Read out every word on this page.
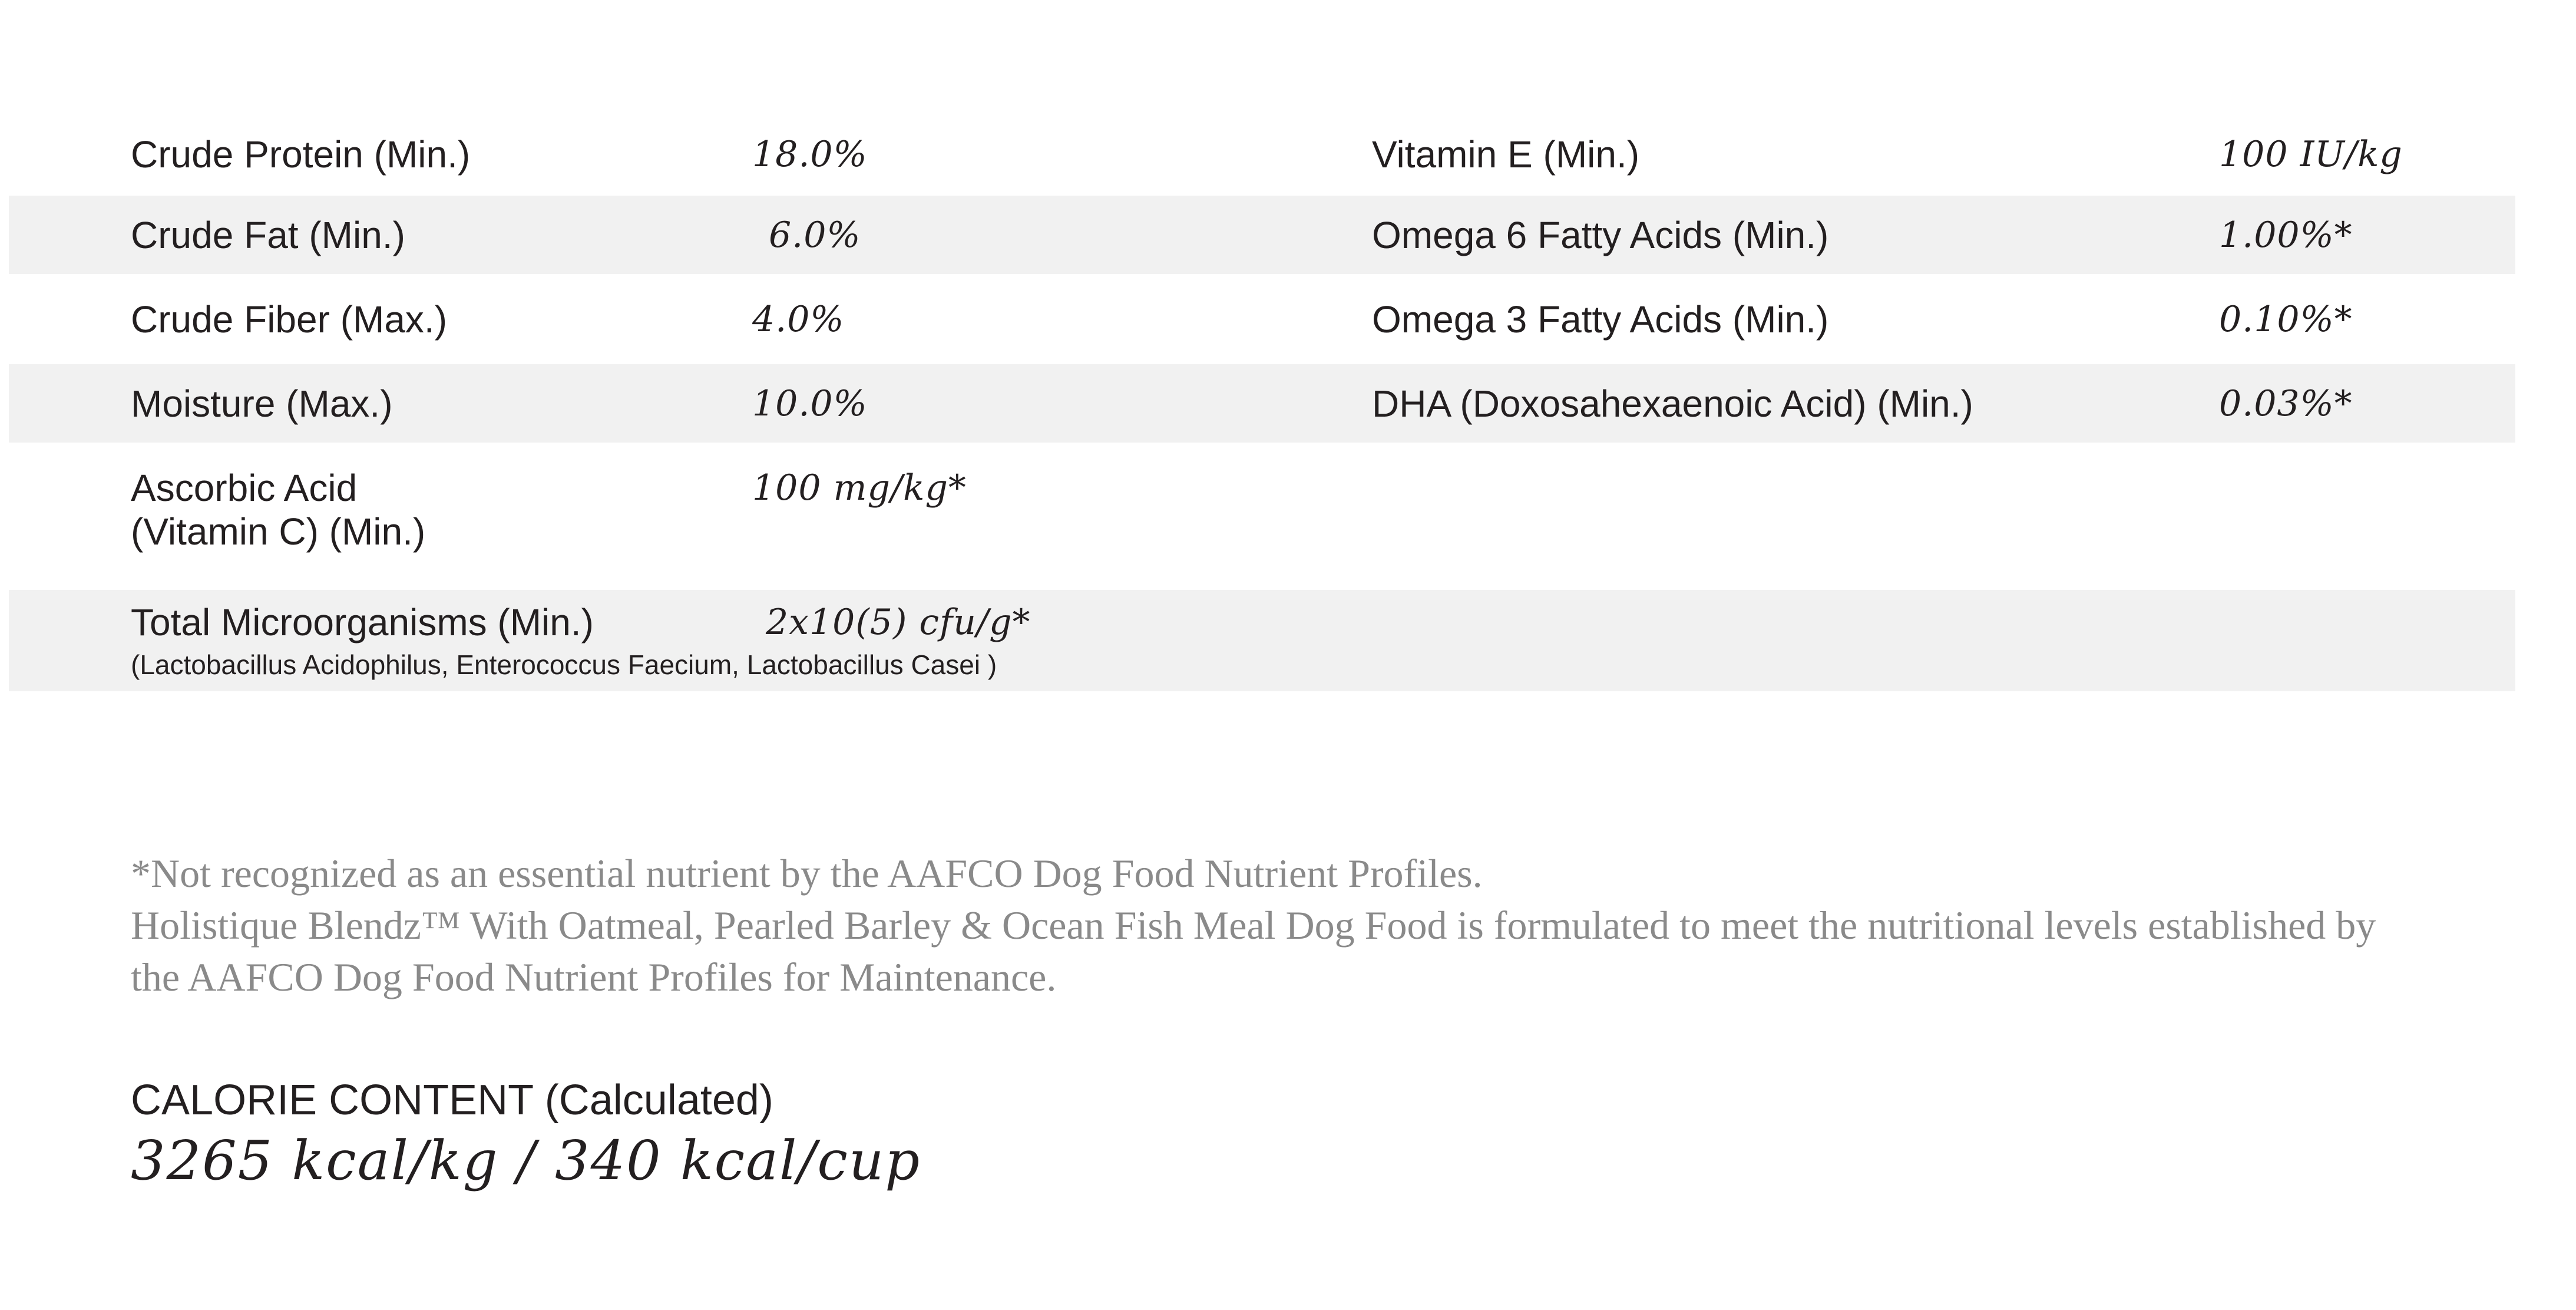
Crude Protein (Min.)	18.0%	Vitamin E (Min.)	100 IU/kg
Crude Fat (Min.)	6.0%	Omega 6 Fatty Acids (Min.)	1.00%*
Crude Fiber (Max.)	4.0%	Omega 3 Fatty Acids (Min.)	0.10%*
Moisture (Max.)	10.0%	DHA (Doxosahexaenoic Acid) (Min.)	0.03%*
Ascorbic Acid
(Vitamin C) (Min.)
100 mg/kg*
Total Microorganisms (Min.)	2x10(5) cfu/g*
(Lactobacillus Acidophilus, Enterococcus Faecium, Lactobacillus Casei )
*Not recognized as an essential nutrient by the AAFCO Dog Food Nutrient Profiles.
Holistique Blendz™ With Oatmeal, Pearled Barley & Ocean Fish Meal Dog Food is formulated to meet the nutritional levels established by
the AAFCO Dog Food Nutrient Profiles for Maintenance.
CALORIE CONTENT (Calculated)
3265 kcal/kg / 340 kcal/cup
